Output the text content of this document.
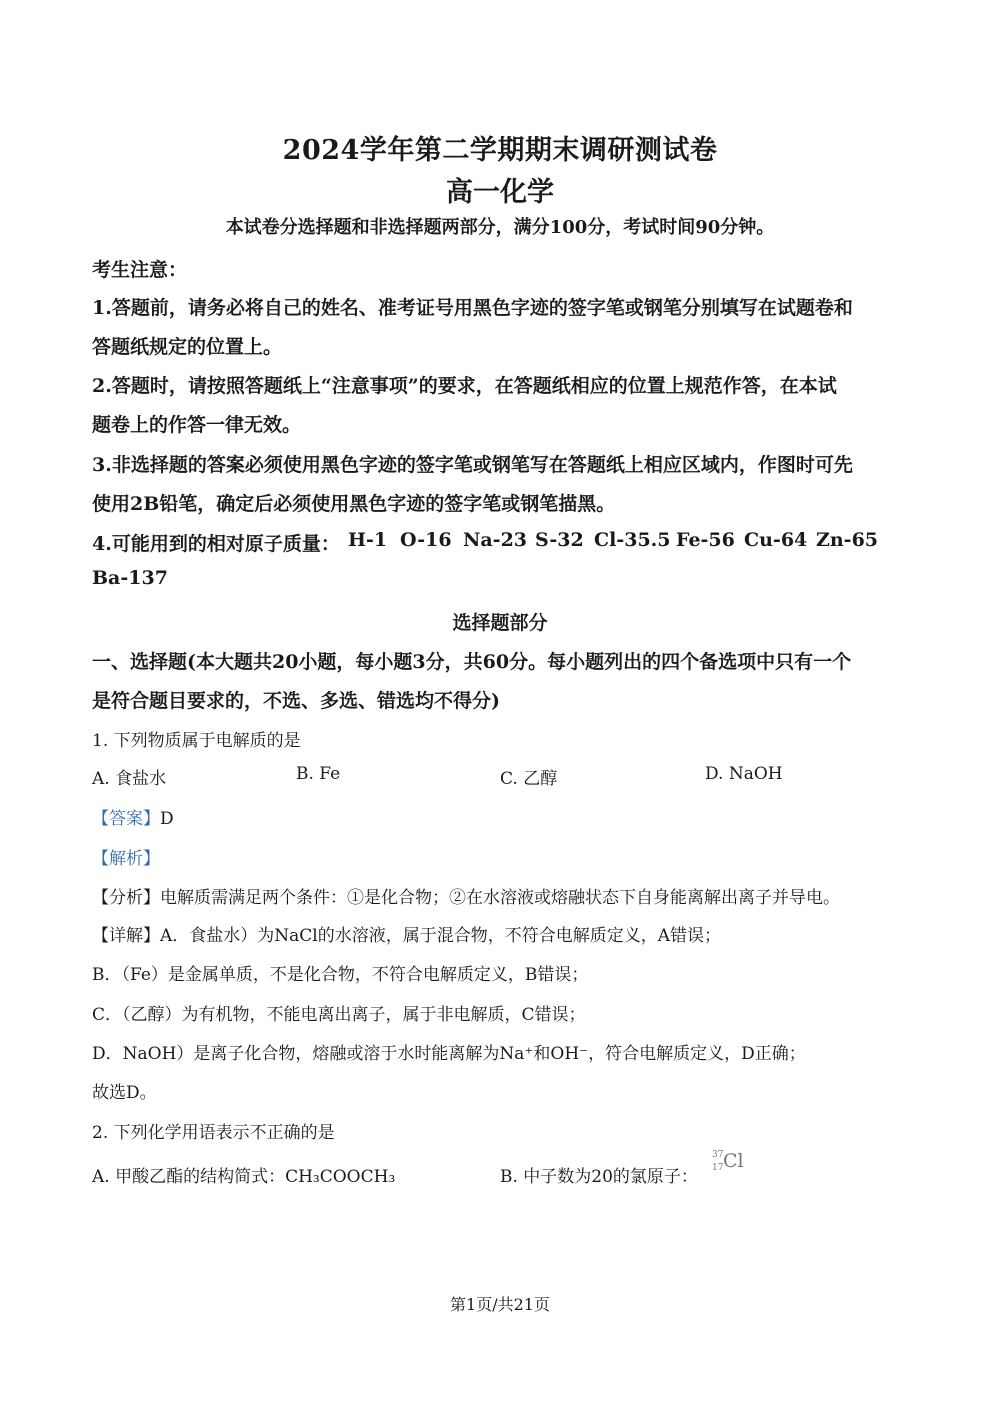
2024学年第二学期期末调研测试卷
高一化学
本试卷分选择题和非选择题两部分，满分100分，考试时间90分钟。
考生注意：
1.答题前，请务必将自己的姓名、准考证号用黑色字迹的签字笔或钢笔分别填写在试题卷和
答题纸规定的位置上。
2.答题时，请按照答题纸上“注意事项”的要求，在答题纸相应的位置上规范作答，在本试
题卷上的作答一律无效。
3.非选择题的答案必须使用黑色字迹的签字笔或钢笔写在答题纸上相应区域内，作图时可先
使用2B铅笔，确定后必须使用黑色字迹的签字笔或钢笔描黑。
4.可能用到的相对原子质量： H-1 O-16 Na-23 S-32 Cl-35.5 Fe-56 Cu-64 Zn-65
Ba-137
选择题部分
一、选择题(本大题共20小题，每小题3分，共60分。每小题列出的四个备选项中只有一个
是符合题目要求的，不选、多选、错选均不得分)
1. 下列物质属于电解质的是
A. 食盐水	B. Fe	C. 乙醇	D. NaOH
【答案】D
【解析】
【分析】电解质需满足两个条件：①是化合物；②在水溶液或熔融状态下自身能离解出离子并导电。
【详解】A．食盐水）为NaCl的水溶液，属于混合物，不符合电解质定义，A错误；
B．（Fe）是金属单质，不是化合物，不符合电解质定义，B错误；
C．（乙醇）为有机物，不能电离出离子，属于非电解质，C错误；
D．NaOH）是离子化合物，熔融或溶于水时能离解为Na⁺和OH⁻，符合电解质定义，D正确；
故选D。
2. 下列化学用语表示不正确的是
A. 甲酸乙酯的结构简式：CH₃COOCH₃	B. 中子数为20的氯原子：
37
17 Cl
第1页/共21页
